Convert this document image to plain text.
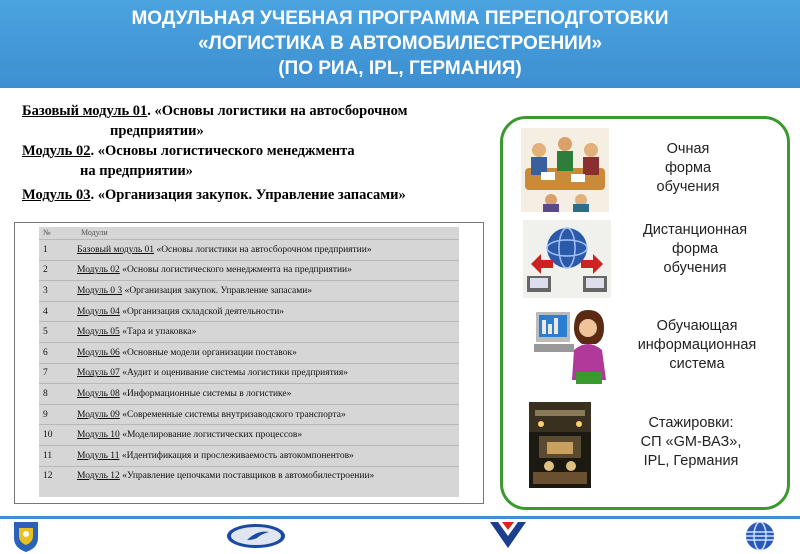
МОДУЛЬНАЯ УЧЕБНАЯ ПРОГРАММА ПЕРЕПОДГОТОВКИ
«ЛОГИСТИКА В АВТОМОБИЛЕСТРОЕНИИ»
(ПО РИА, IPL, ГЕРМАНИЯ)
Базовый модуль 01. «Основы логистики на автосборочном
предприятии»
Модуль 02. «Основы логистического менеджмента
на предприятии»
Модуль 03. «Организация закупок. Управление запасами»
№	Модули
1	Базовый модуль 01 «Основы логистики на автосборочном предприятии»
2	Модуль 02 «Основы логистического менеджмента на предприятии»
3	Модуль 0 3 «Организация закупок. Управление запасами»
4	Модуль 04 «Организация складской деятельности»
5	Модуль 05 «Тара и упаковка»
6	Модуль 06 «Основные модели организации поставок»
7	Модуль 07 «Аудит и оценивание системы логистики предприятия»
8	Модуль 08 «Информационные системы в логистике»
9	Модуль 09 «Современные системы внутризаводского транспорта»
10	Модуль 10 «Моделирование логистических процессов»
11	Модуль 11 «Идентификация и прослеживаемость автокомпонентов»
12	Модуль 12 «Управление цепочками поставщиков в автомобилестроении»
Очная
форма
обучения
Дистанционная
форма
обучения
Обучающая
информационная
система
Стажировки:
СП «GM-ВАЗ»,
IPL, Германия
